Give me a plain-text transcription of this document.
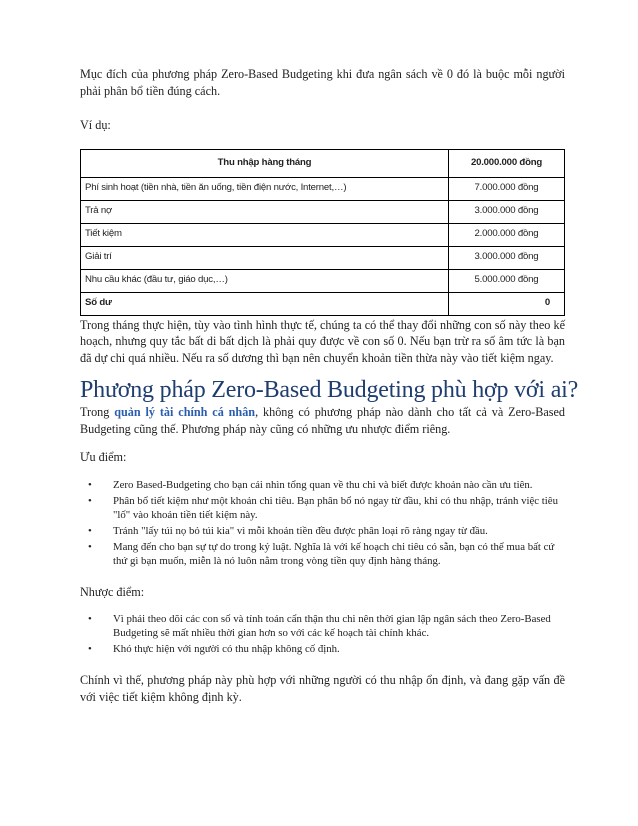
Mục đích của phương pháp Zero-Based Budgeting khi đưa ngân sách về 0 đó là buộc mỗi người phải phân bổ tiền đúng cách.

Ví dụ:

Thu nhập hàng tháng	20.000.000 đồng
Phí sinh hoạt (tiền nhà, tiền ăn uống, tiền điện nước, Internet,…)	7.000.000 đồng
Trả nợ	3.000.000 đồng
Tiết kiệm	2.000.000 đồng
Giải trí	3.000.000 đồng
Nhu cầu khác (đầu tư, giáo dục,…)	5.000.000 đồng
Số dư	0

Trong tháng thực hiện, tùy vào tình hình thực tế, chúng ta có thể thay đổi những con số này theo kế hoạch, nhưng quy tắc bất di bất dịch là phải quy được về con số 0. Nếu bạn trừ ra số âm tức là bạn đã dự chi quá nhiều. Nếu ra số dương thì bạn nên chuyển khoản tiền thừa này vào tiết kiệm ngay.

Phương pháp Zero-Based Budgeting phù hợp với ai?

Trong quản lý tài chính cá nhân, không có phương pháp nào dành cho tất cả và Zero-Based Budgeting cũng thế. Phương pháp này cũng có những ưu nhược điểm riêng.

Ưu điểm:

• Zero Based-Budgeting cho bạn cái nhìn tổng quan về thu chi và biết được khoản nào cần ưu tiên.
• Phân bổ tiết kiệm như một khoản chi tiêu. Bạn phân bổ nó ngay từ đầu, khi có thu nhập, tránh việc tiêu "lố" vào khoản tiền tiết kiệm này.
• Tránh "lấy túi nọ bỏ túi kia" vì mỗi khoản tiền đều được phân loại rõ ràng ngay từ đầu.
• Mang đến cho bạn sự tự do trong kỷ luật. Nghĩa là với kế hoạch chi tiêu có sẵn, bạn có thể mua bất cứ thứ gì bạn muốn, miễn là nó luôn nằm trong vòng tiền quy định hàng tháng.

Nhược điểm:

• Vì phải theo dõi các con số và tính toán cẩn thận thu chi nên thời gian lập ngân sách theo Zero-Based Budgeting sẽ mất nhiều thời gian hơn so với các kế hoạch tài chính khác.
• Khó thực hiện với người có thu nhập không cố định.

Chính vì thế, phương pháp này phù hợp với những người có thu nhập ổn định, và đang gặp vấn đề với việc tiết kiệm không định kỳ.
